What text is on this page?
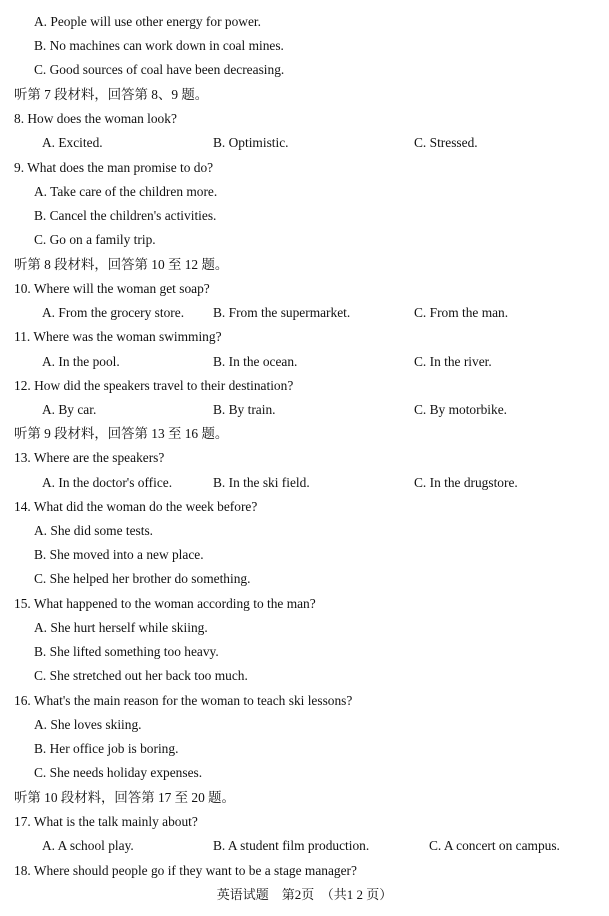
A. People will use other energy for power.
B. No machines can work down in coal mines.
C. Good sources of coal have been decreasing.
听第 7 段材料，回答第 8、9 题。
8. How does the woman look?
A. Excited.	B. Optimistic.	C. Stressed.
9. What does the man promise to do?
A. Take care of the children more.
B. Cancel the children's activities.
C. Go on a family trip.
听第 8 段材料，回答第 10 至 12 题。
10. Where will the woman get soap?
A. From the grocery store. B. From the supermarket.	C. From the man.
11. Where was the woman swimming?
A. In the pool.	B. In the ocean.	C. In the river.
12. How did the speakers travel to their destination?
A. By car.	B. By train.	C. By motorbike.
听第 9 段材料，回答第 13 至 16 题。
13. Where are the speakers?
A. In the doctor's office.	B. In the ski field.	C. In the drugstore.
14. What did the woman do the week before?
A. She did some tests.
B. She moved into a new place.
C. She helped her brother do something.
15. What happened to the woman according to the man?
A. She hurt herself while skiing.
B. She lifted something too heavy.
C. She stretched out her back too much.
16. What's the main reason for the woman to teach ski lessons?
A. She loves skiing.
B. Her office job is boring.
C. She needs holiday expenses.
听第 10 段材料，回答第 17 至 20 题。
17. What is the talk mainly about?
A. A school play.	B. A student film production.	C. A concert on campus.
18. Where should people go if they want to be a stage manager?
英语试题　第2页　（共1 2 页）
